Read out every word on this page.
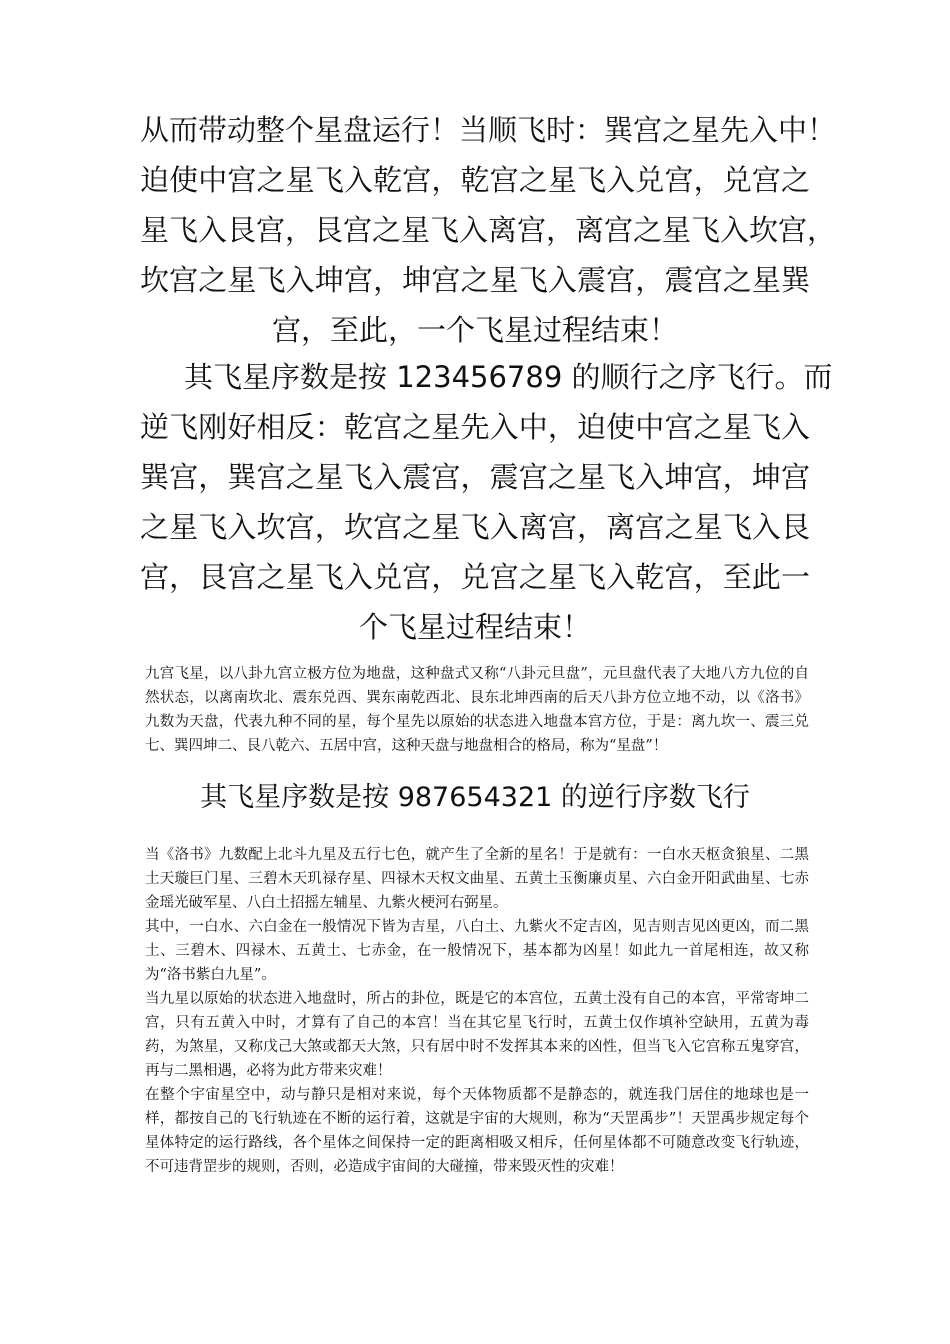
从而带动整个星盘运行！当顺飞时：巽宫之星先入中！
迫使中宫之星飞入乾宫，乾宫之星飞入兑宫，兑宫之
星飞入艮宫，艮宫之星飞入离宫，离宫之星飞入坎宫，
坎宫之星飞入坤宫，坤宫之星飞入震宫，震宫之星巽
宫，至此，一个飞星过程结束！

其飞星序数是按 123456789 的顺行之序飞行。而
逆飞刚好相反：乾宫之星先入中，迫使中宫之星飞入
巽宫，巽宫之星飞入震宫，震宫之星飞入坤宫，坤宫
之星飞入坎宫，坎宫之星飞入离宫，离宫之星飞入艮
宫，艮宫之星飞入兑宫，兑宫之星飞入乾宫，至此一
个飞星过程结束！

九宫飞星，以八卦九宫立极方位为地盘，这种盘式又称“八卦元旦盘”，元旦盘代表了大地八方九位的自然状态，以离南坎北、震东兑西、巽东南乾西北、艮东北坤西南的后天八卦方位立地不动，以《洛书》九数为天盘，代表九种不同的星，每个星先以原始的状态进入地盘本宫方位，于是：离九坎一、震三兑七、巽四坤二、艮八乾六、五居中宫，这种天盘与地盘相合的格局，称为“星盘”！

其飞星序数是按 987654321 的逆行序数飞行

当《洛书》九数配上北斗九星及五行七色，就产生了全新的星名！于是就有：一白水天枢贪狼星、二黑土天璇巨门星、三碧木天玑禄存星、四禄木天权文曲星、五黄土玉衡廉贞星、六白金开阳武曲星、七赤金瑶光破军星、八白土招摇左辅星、九紫火梗河右弼星。

其中，一白水、六白金在一般情况下皆为吉星，八白土、九紫火不定吉凶，见吉则吉见凶更凶，而二黑土、三碧木、四禄木、五黄土、七赤金，在一般情况下，基本都为凶星！如此九一首尾相连，故又称为“洛书紫白九星”。

当九星以原始的状态进入地盘时，所占的卦位，既是它的本宫位，五黄土没有自己的本宫，平常寄坤二宫，只有五黄入中时，才算有了自己的本宫！当在其它星飞行时，五黄土仅作填补空缺用，五黄为毒药，为煞星，又称戊己大煞或都天大煞，只有居中时不发挥其本来的凶性，但当飞入它宫称五鬼穿宫，再与二黑相遇，必将为此方带来灾难！

在整个宇宙星空中，动与静只是相对来说，每个天体物质都不是静态的，就连我门居住的地球也是一样，都按自己的飞行轨迹在不断的运行着，这就是宇宙的大规则，称为“天罡禹步”！天罡禹步规定每个星体特定的运行路线，各个星体之间保持一定的距离相吸又相斥，任何星体都不可随意改变飞行轨迹，不可违背罡步的规则，否则，必造成宇宙间的大碰撞，带来毁灭性的灾难！
